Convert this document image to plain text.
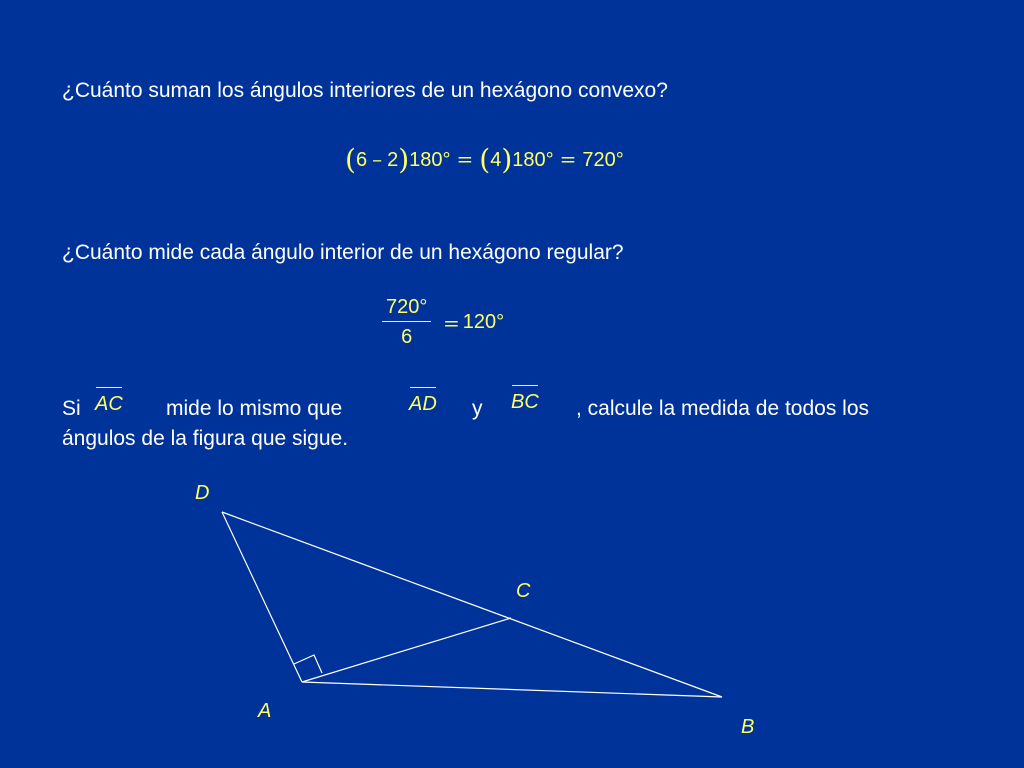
¿Cuánto suman los ángulos interiores de un hexágono convexo?
(6 – 2)180° = (4)180° = 720°
¿Cuánto mide cada ángulo interior de un hexágono regular?
$\frac{720^\circ}{6} = 120^\circ$
Si AC mide lo mismo que	AD y BC , calcule la medida de todos los
ángulos de la figura que sigue.
D
C
A
B
